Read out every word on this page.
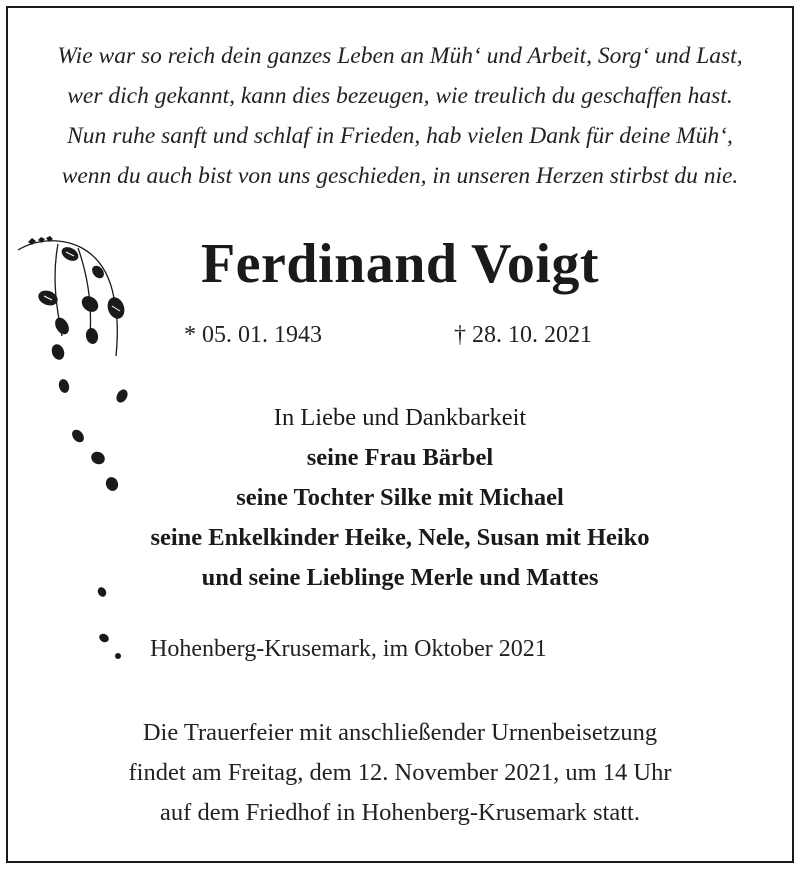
Wie war so reich dein ganzes Leben an Müh‘ und Arbeit, Sorg‘ und Last,
wer dich gekannt, kann dies bezeugen, wie treulich du geschaffen hast.
Nun ruhe sanft und schlaf in Frieden, hab vielen Dank für deine Müh‘,
wenn du auch bist von uns geschieden, in unseren Herzen stirbst du nie.
Ferdinand Voigt
* 05. 01. 1943	† 28. 10. 2021
In Liebe und Dankbarkeit
seine Frau Bärbel
seine Tochter Silke mit Michael
seine Enkelkinder Heike, Nele, Susan mit Heiko
und seine Lieblinge Merle und Mattes
Hohenberg-Krusemark, im Oktober 2021
Die Trauerfeier mit anschließender Urnenbeisetzung
findet am Freitag, dem 12. November 2021, um 14 Uhr
auf dem Friedhof in Hohenberg-Krusemark statt.
